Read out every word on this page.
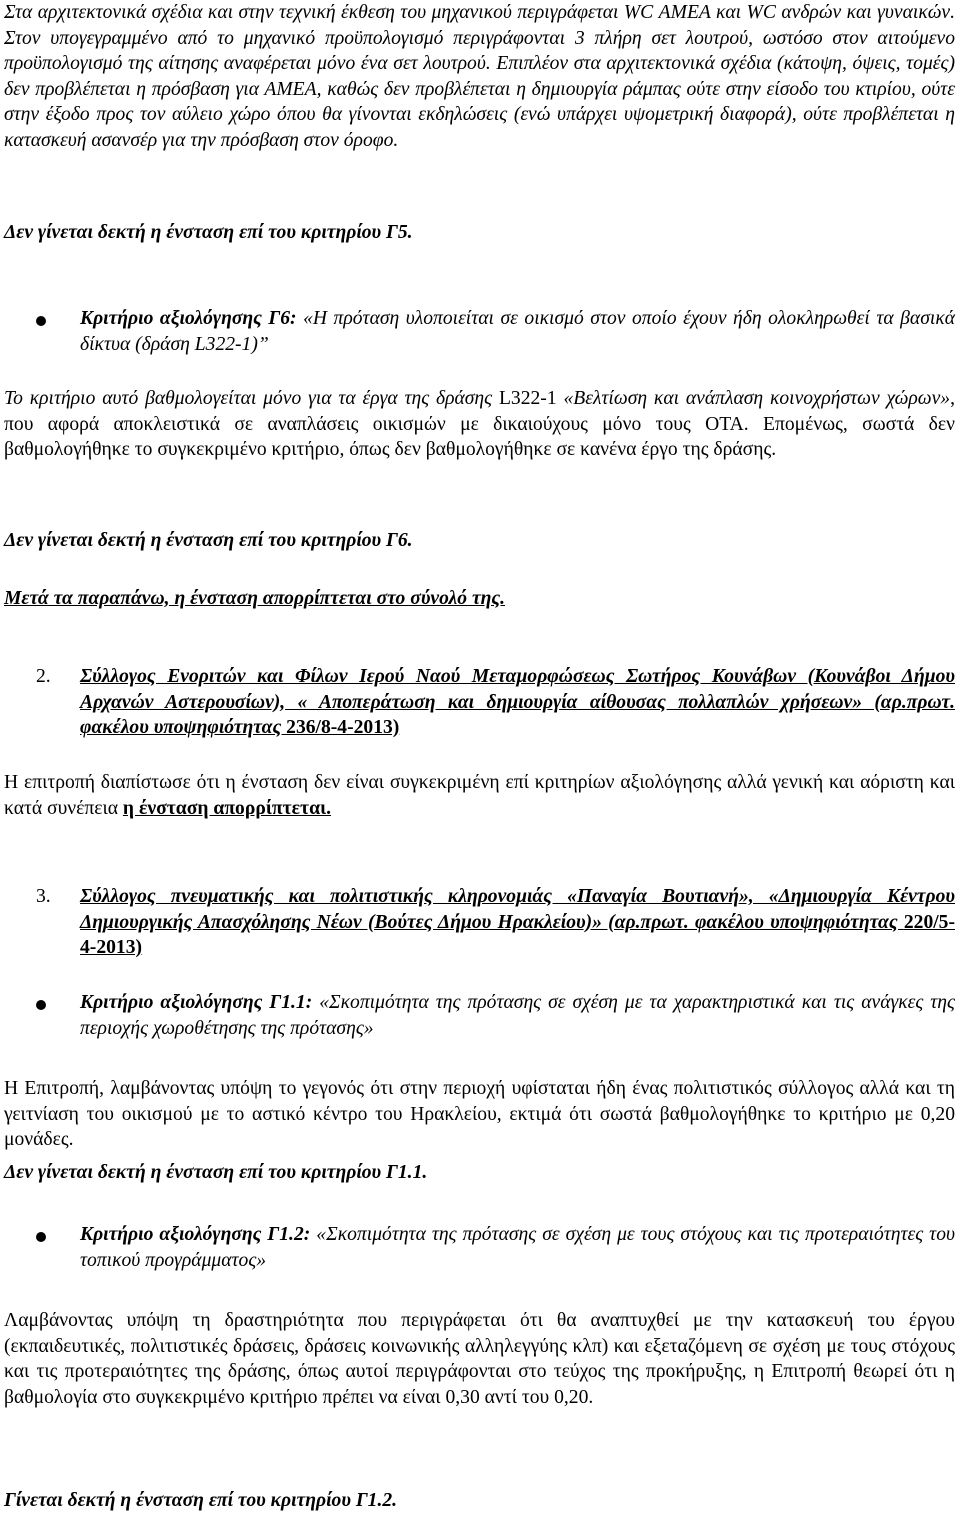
Στα αρχιτεκτονικά σχέδια και στην τεχνική έκθεση του μηχανικού περιγράφεται WC ΑΜΕΑ και WC ανδρών και γυναικών. Στον υπογεγραμμένο από το μηχανικό προϋπολογισμό περιγράφονται 3 πλήρη σετ λουτρού, ωστόσο στον αιτούμενο προϋπολογισμό της αίτησης αναφέρεται μόνο ένα σετ λουτρού. Επιπλέον στα αρχιτεκτονικά σχέδια (κάτοψη, όψεις, τομές) δεν προβλέπεται η πρόσβαση για ΑΜΕΑ, καθώς δεν προβλέπεται η δημιουργία ράμπας ούτε στην είσοδο του κτιρίου, ούτε στην έξοδο προς τον αύλειο χώρο όπου θα γίνονται εκδηλώσεις (ενώ υπάρχει υψομετρική διαφορά), ούτε προβλέπεται η κατασκευή ασανσέρ για την πρόσβαση στον όροφο.

Δεν γίνεται δεκτή η ένσταση επί του κριτηρίου Γ5.

Κριτήριο αξιολόγησης Γ6: «Η πρόταση υλοποιείται σε οικισμό στον οποίο έχουν ήδη ολοκληρωθεί τα βασικά δίκτυα (δράση L322-1)”

Το κριτήριο αυτό βαθμολογείται μόνο για τα έργα της δράσης L322-1 «Βελτίωση και ανάπλαση κοινοχρήστων χώρων», που αφορά αποκλειστικά σε αναπλάσεις οικισμών με δικαιούχους μόνο τους ΟΤΑ. Επομένως, σωστά δεν βαθμολογήθηκε το συγκεκριμένο κριτήριο, όπως δεν βαθμολογήθηκε σε κανένα έργο της δράσης.

Δεν γίνεται δεκτή η ένσταση επί του κριτηρίου Γ6.

Μετά τα παραπάνω, η ένσταση απορρίπτεται στο σύνολό της.

2. Σύλλογος Ενοριτών και Φίλων Ιερού Ναού Μεταμορφώσεως Σωτήρος Κουνάβων (Κουνάβοι Δήμου Αρχανών Αστερουσίων), « Αποπεράτωση και δημιουργία αίθουσας πολλαπλών χρήσεων» (αρ.πρωτ. φακέλου υποψηφιότητας 236/8-4-2013)

Η επιτροπή διαπίστωσε ότι η ένσταση δεν είναι συγκεκριμένη επί κριτηρίων αξιολόγησης αλλά γενική και αόριστη και κατά συνέπεια η ένσταση απορρίπτεται.

3. Σύλλογος πνευματικής και πολιτιστικής κληρονομιάς «Παναγία Βουτιανή», «Δημιουργία Κέντρου Δημιουργικής Απασχόλησης Νέων (Βούτες Δήμου Ηρακλείου)» (αρ.πρωτ. φακέλου υποψηφιότητας 220/5-4-2013)

Κριτήριο αξιολόγησης Γ1.1: «Σκοπιμότητα της πρότασης σε σχέση με τα χαρακτηριστικά και τις ανάγκες της περιοχής χωροθέτησης της πρότασης»

Η Επιτροπή, λαμβάνοντας υπόψη το γεγονός ότι στην περιοχή υφίσταται ήδη ένας πολιτιστικός σύλλογος αλλά και τη γειτνίαση του οικισμού με το αστικό κέντρο του Ηρακλείου, εκτιμά ότι σωστά βαθμολογήθηκε το κριτήριο με 0,20 μονάδες.

Δεν γίνεται δεκτή η ένσταση επί του κριτηρίου Γ1.1.

Κριτήριο αξιολόγησης Γ1.2: «Σκοπιμότητα της πρότασης σε σχέση με τους στόχους και τις προτεραιότητες του τοπικού προγράμματος»

Λαμβάνοντας υπόψη τη δραστηριότητα που περιγράφεται ότι θα αναπτυχθεί με την κατασκευή του έργου (εκπαιδευτικές, πολιτιστικές δράσεις, δράσεις κοινωνικής αλληλεγγύης κλπ) και εξεταζόμενη σε σχέση με τους στόχους και τις προτεραιότητες της δράσης, όπως αυτοί περιγράφονται στο τεύχος της προκήρυξης, η Επιτροπή θεωρεί ότι η βαθμολογία στο συγκεκριμένο κριτήριο πρέπει να είναι 0,30 αντί του 0,20.

Γίνεται δεκτή η ένσταση επί του κριτηρίου Γ1.2.
